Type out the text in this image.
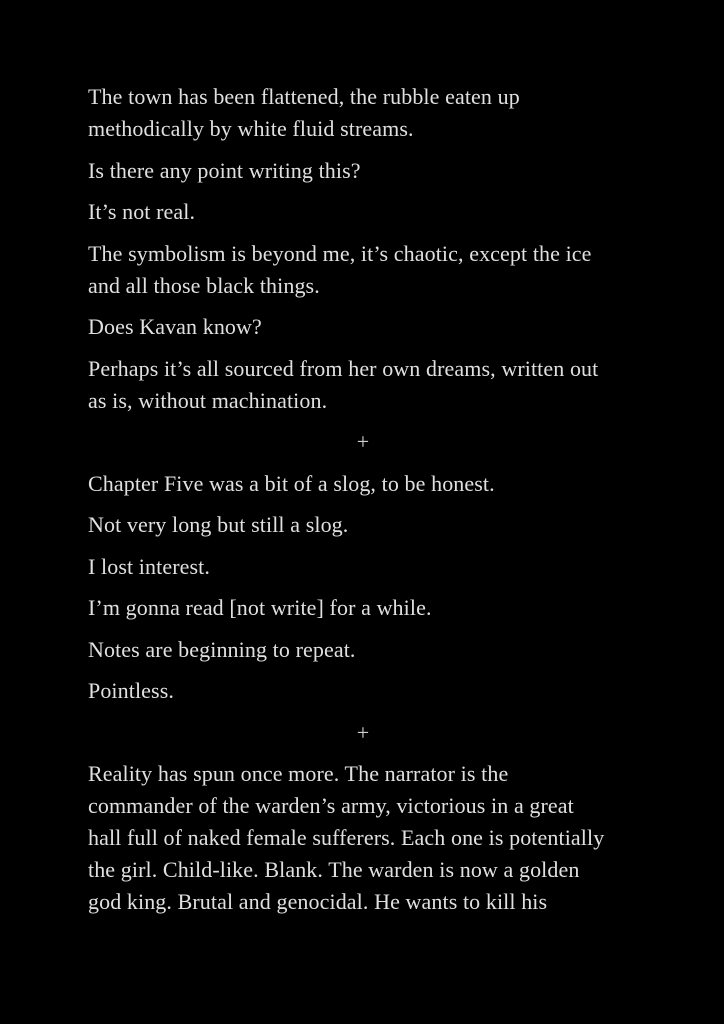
The town has been flattened, the rubble eaten up
methodically by white fluid streams.

Is there any point writing this?

It’s not real.

The symbolism is beyond me, it’s chaotic, except the ice
and all those black things.

Does Kavan know?

Perhaps it’s all sourced from her own dreams, written out
as is, without machination.

+

Chapter Five was a bit of a slog, to be honest.

Not very long but still a slog.

I lost interest.

I’m gonna read [not write] for a while.

Notes are beginning to repeat.

Pointless.

+

Reality has spun once more. The narrator is the
commander of the warden’s army, victorious in a great
hall full of naked female sufferers. Each one is potentially
the girl. Child-like. Blank. The warden is now a golden
god king. Brutal and genocidal. He wants to kill his
